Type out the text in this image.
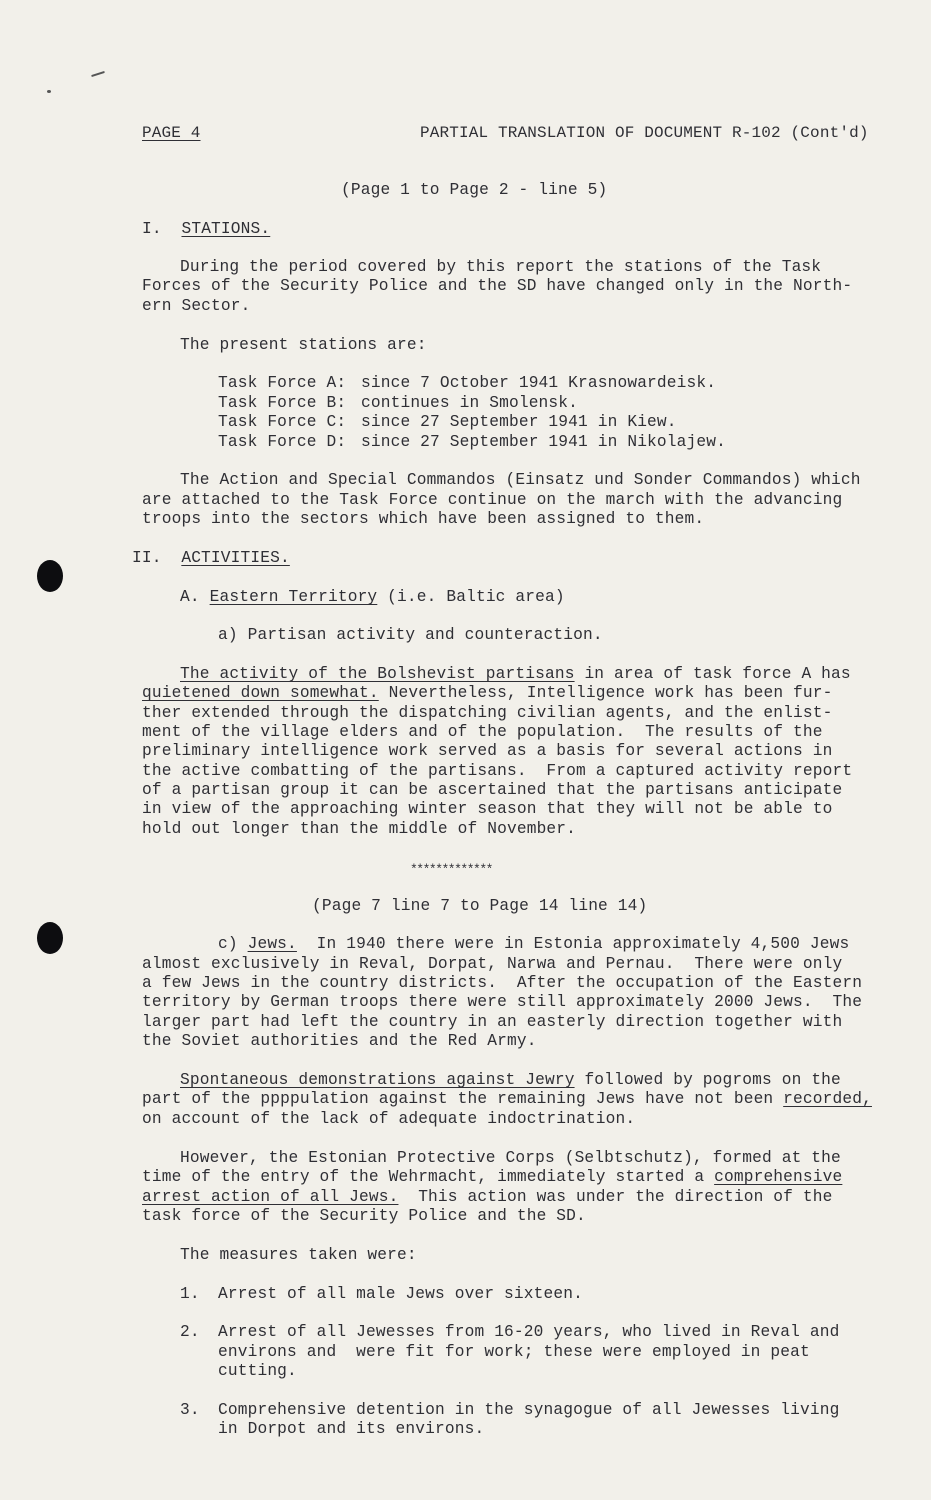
PAGE 4	PARTIAL TRANSLATION OF DOCUMENT R-102 (Cont'd)
(Page 1 to Page 2 - line 5)
I. STATIONS.
During the period covered by this report the stations of the Task
Forces of the Security Police and the SD have changed only in the North-
ern Sector.
The present stations are:
Task Force A: since 7 October 1941 Krasnowardeisk.
Task Force B: continues in Smolensk.
Task Force C: since 27 September 1941 in Kiew.
Task Force D: since 27 September 1941 in Nikolajew.
The Action and Special Commandos (Einsatz und Sonder Commandos) which
are attached to the Task Force continue on the march with the advancing
troops into the sectors which have been assigned to them.
II. ACTIVITIES.
A. Eastern Territory (i.e. Baltic area)
a) Partisan activity and counteraction.
The activity of the Bolshevist partisans in area of task force A has
quietened down somewhat. Nevertheless, Intelligence work has been fur-
ther extended through the dispatching civilian agents, and the enlist-
ment of the village elders and of the population.  The results of the
preliminary intelligence work served as a basis for several actions in
the active combatting of the partisans.  From a captured activity report
of a partisan group it can be ascertained that the partisans anticipate
in view of the approaching winter season that they will not be able to
hold out longer than the middle of November.
*************
(Page 7 line 7 to Page 14 line 14)
c) Jews.  In 1940 there were in Estonia approximately 4,500 Jews
almost exclusively in Reval, Dorpat, Narwa and Pernau.  There were only
a few Jews in the country districts.  After the occupation of the Eastern
territory by German troops there were still approximately 2000 Jews.  The
larger part had left the country in an easterly direction together with
the Soviet authorities and the Red Army.
Spontaneous demonstrations against Jewry followed by pogroms on the
part of the ppppulation against the remaining Jews have not been recorded,
on account of the lack of adequate indoctrination.
However, the Estonian Protective Corps (Selbtschutz), formed at the
time of the entry of the Wehrmacht, immediately started a comprehensive
arrest action of all Jews.  This action was under the direction of the
task force of the Security Police and the SD.
The measures taken were:
1. Arrest of all male Jews over sixteen.
2. Arrest of all Jewesses from 16-20 years, who lived in Reval and
environs and  were fit for work; these were employed in peat
cutting.
3. Comprehensive detention in the synagogue of all Jewesses living
in Dorpot and its environs.
